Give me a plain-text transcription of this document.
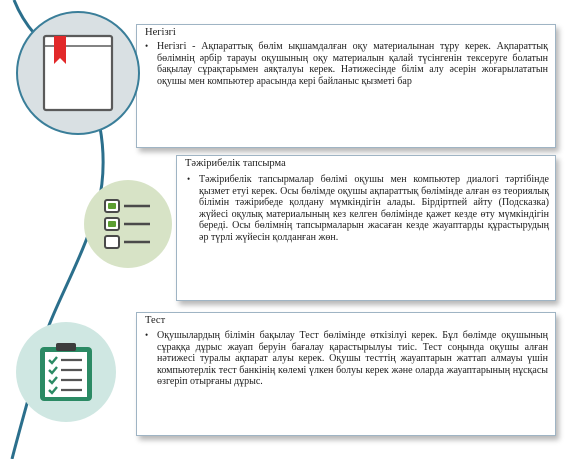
Негізгі
• Негізгі - Ақпараттық бөлім ықшамдалған оқу материалынан тұру керек. Ақпараттық бөлімнің әрбір тарауы оқушының оқу материалын қалай түсінгенін тексеруге болатын бақылау сұрақтарымен аяқталуы керек. Нәтижесінде білім алу әсерін жоғарылататын оқушы мен компьютер арасында кері байланыс қызметі бар
Тәжірибелік тапсырма
• Тәжірибелік тапсырмалар бөлімі оқушы мен компьютер диалогі тәртібінде қызмет етуі керек. Осы бөлімде оқушы ақпараттық бөлімінде алған өз теориялық білімін тәжірибеде қолдану мүмкіндігін алады. Бірдіртпей айту (Подсказка) жүйесі оқулық материалының кез келген бөлімінде қажет кезде өту мүмкіндігін береді. Осы бөлімнің тапсырмаларын жасаған кезде жауаптарды құрастырудың әр түрлі жүйесін қолданған жөн.
Тест
• Оқушылардың білімін бақылау Тест бөлімінде өткізілуі керек. Бұл бөлімде оқушының сұраққа дұрыс жауап беруін бағалау қарастырылуы тиіс. Тест соңында оқушы алған нәтижесі туралы ақпарат алуы керек. Оқушы тесттің жауаптарын жаттап алмауы үшін компьютерлік тест банкінің көлемі үлкен болуы керек және оларда жауаптарының нұсқасы өзгеріп отырғаны дұрыс.
